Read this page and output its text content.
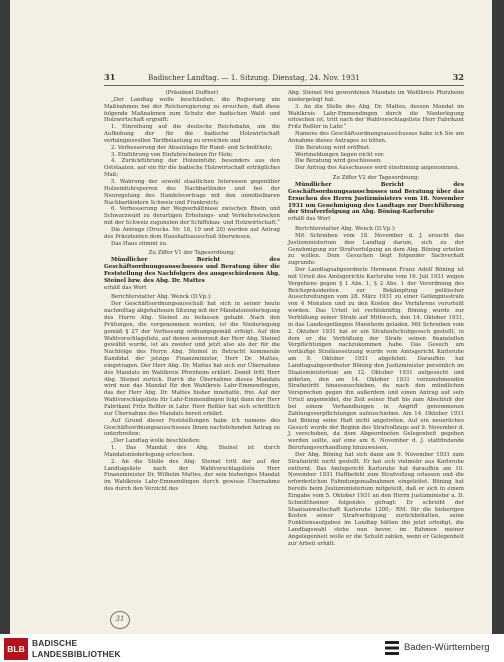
31	Badischer Landtag. — 1. Sitzung. Dienstag, 24. Nov. 1931	32

(Präsident Duffner)

„Der Landtag wolle beschließen, die Regierung um Maßnahmen bei der Reichsregierung zu ersuchen, daß diese folgende Maßnahmen zum Schutz der badischen Wald- und Holzwirtschaft ergreift:

1. Einreihung auf die deutsche Reichsbahn, um die Aufhebung der für die badische Holzwirtschaft verhängnisvollen Tarifbelastung zu erreichen und

2. Verbesserung der Absatzlage für Rund- und Schnittholz;

3. Einführung von Einfuhrscheinen für Holz;

4. Zurückführung der Holzeinfuhr, besonders aus den Oststaaten, auf ein für die badische Holzwirtschaft erträgliches Maß;

5. Wahrung der sowohl staatlichen Interessen gegenüber Holzeinfuhrsperren des Nachbarländer und bei der Neuregelung des Handelsvertrags mit den unmittelbaren Nachbarländern Schweiz und Frankreich;

6. Verbesserung der Wegverhältnisse zwischen Rhein und Schwarzwald zu derartigen Erholungs- und Verkehrsstrecken mit der Schweiz zugunsten der Schiffsbau- und Holzwirtschaft.“

Die Antrage (Drucks. Nr. 18, 19 und 20) werden auf Antrag des Präsidenten dem Haushaltsausschuß überwiesen.

Das Haus stimmt zu.

Zu Ziffer V1 der Tagesordnung:

Mündlicher Bericht des Geschäftsordnungsausschusses und Beratung über die Feststellung des Nachfolgers des ausgeschiedenen Abg. Steinel bzw. des Abg. Dr. Mattes

erhält das Wort

Berichterstatter Abg. Wenck (D.Vp.):

Der Geschäftsordnungsausschuß hat sich in seiner heute nachmittag abgehaltenen Sitzung mit der Mandatsniederlegung des Herrn Abg. Steinel zu befassen gehabt. Nach den Prüfungen, die vorgenommen wurden, ist die Niederlegung gemäß § 27 der Verfassung ordnungsgemäß erfolgt. Auf den Wahlvorschlagsliste, auf denen seinerzeit der Herr Abg. Steinel gewählt wurde, ist als zweiter und jetzt also als der für die Nachfolge des Herrn Abg. Steinel in Betracht kommende Kandidat der jetzige Finanzminister, Herr Dr. Mattes, eingetragen. Der Herr Abg. Dr. Mattes hat sich zur Übernahme des Mandats im Wahlkreis Pforzheim erklärt. Damit tritt Herr Abg. Steinel zurück. Durch die Übernahme dieses Mandats wird nun das Mandat für den Wahlkreis Lahr-Emmendingen, das der Herr Abg. Dr. Mattes bisher innehatte, frei. Auf der Wahlvorschlagsliste für Lahr-Emmendingen folgt dann der Herr Fabrikant Fritz Reßler in Lahr. Herr Reßler hat sich schriftlich zur Übernahme des Mandats bereit erklärt.

Auf Grund dieser Feststellungen habe ich namens des Geschäftsordnungsausschusses Ihnen nachstehenden Antrag zu unterbreiten:

„Der Landtag wolle beschließen:

1. Das Mandat des Abg. Steinel ist durch Mandatsniederlegung erloschen.

2. An die Stelle des Abg. Steinel tritt der auf der Landtagsliste nach der Wahlvorschlagsliste Herr Finanzminister Dr. Wilhelm Mattes, der sein bisheriges Mandat im Wahlkreis Lahr-Emmendingen durch gewisse Übernahme des durch den Verzicht des

Abg. Steinel frei gewordenen Mandats im Wahlkreis Pforzheim niedergelegt hat.

3. An die Stelle des Abg. Dr. Mattes, dessen Mandat im Wahlkreis Lahr-Emmendingen durch die Niederlegung erloschen ist, tritt nach der Wahlvorschlagsliste Herr Fabrikant Fritz Reßler in Lahr.“

Namens des Geschäftsordnungsausschusses habe ich Sie um Annahme dieses Antrages zu bitten.

Die Beratung wird eröffnet.

Wortmeldungen liegen nicht vor.

Die Beratung wird geschlossen.

Der Antrag des Ausschusses wird einstimmig angenommen.

Zu Ziffer V2 der Tagesordnung:

Mündlicher Bericht des Geschäftsordnungsausschusses und Beratung über das Ersuchen des Herrn Justizministers vom 18. November 1931 um Genehmigung des Landtags zur Durchführung der Strafverfolgung an Abg. Böning-Karlsruhe

erhält das Wort

Berichterstatter Abg. Wenck (D.Vp.):

Mit Schreiben vom 18. November d. J. ersucht das Justizministerium den Landtag darum, sich zu der Genehmigung zur Strafverfolgung an dem Abg. Böning erteilen zu wollen. Dem Gesuchen liegt folgender Sachverhalt zugrunde:

Der Landtagsabgeordnete Hermann Franz Adolf Böning ist mit Urteil des Amtsgerichts Karlsruhe vom 16. Juli 1931 wegen Vergehens gegen § 1 Abs. 1, § 2 Abs. 1 der Verordnung des Reichspräsidenten zur Bekämpfung politischer Ausschreitungen vom 28. März 1931 zu einer Gefängnisstrafe von 4 Monaten und zu den Kosten des Verfahrens verurteilt worden. Das Urteil ist rechtskräftig. Böning wurde zur Verbüßung seiner Strafe auf Mittwoch, den 14. Oktober 1931, in das Landesgefängnis Mannheim geladen. Mit Schreiben vom 2. Oktober 1931 hat er ein Strafaufschubgesuch gestellt, in dem er die Verbüßung der Strafe seinen finanziellen Verpflichtungen nachzukommen habe. Das Gesuch um vorläufige Strafaussetzung wurde vom Amtsgericht Karlsruhe am 9. Oktober 1931 abgelehnt. Daraufhin hat Landtagsabgeordneter Böning den Justizminister persönlich im Staatsministerium am 12. Oktober 1931 aufgesucht und gebeten, den am 14. Oktober 1931 vorzunehmenden Strafantritt hinauszuschieben, da nach den mündlichen Versprechen gegen ihn außerdem und einen Antrag auf sein Urteil angemeldet, die Zeit seiner Haft bis zum Abschluß der bei einem Verhandlungen in Angriff genommenen Zahlungsverpflichtungen aufzuschieben. Am 14. Oktober 1931 hat Böning seine Haft nicht angetreten. Auf ein neuerliches Gesuch wurde der Beginn des Strafvollzugs auf 9. November d. J. verschoben, da dem Abgeordneten Gelegenheit gegeben werden sollte, auf eine am 6. November d. J. stattfindende Berufungsverhandlung hinzuweisen.

Der Abg. Böning hat sich dann am 9. November 1931 zum Strafantritt nicht gestellt. Er hat sich vielmehr aus Karlsruhe entfernt. Das Amtsgericht Karlsruhe hat daraufhin am 10. November 1931 Haftbefehl zum Strafvollzug erlassen und die erforderlichen Fahndungsmaßnahmen eingeleitet. Böning hat bereits beim Justizministerium mitgeteilt, daß er sich in einem Eingabe vom 5. Oktober 1931 an den Herrn Justizminister a. D. Schmitthenner folgendes gefragt: Er schreibt der Staatsanwaltschaft Karlsruhe 1200,- RM. für die bisherigen Kosten seiner Strafverfolgung zurückbehalten, seine Funktionsaufgaben im Landtag hätten ihn jetzt erledigt, die Landtagswahl stehe nun bevor, im Rahmen meiner Angelegenheit wolle er die Schuld zahlen, wenn er Gelegenheit zur Arbeit erhält.

31
BLB
BADISCHE
LANDESBIBLIOTHEK
Baden-Württemberg
